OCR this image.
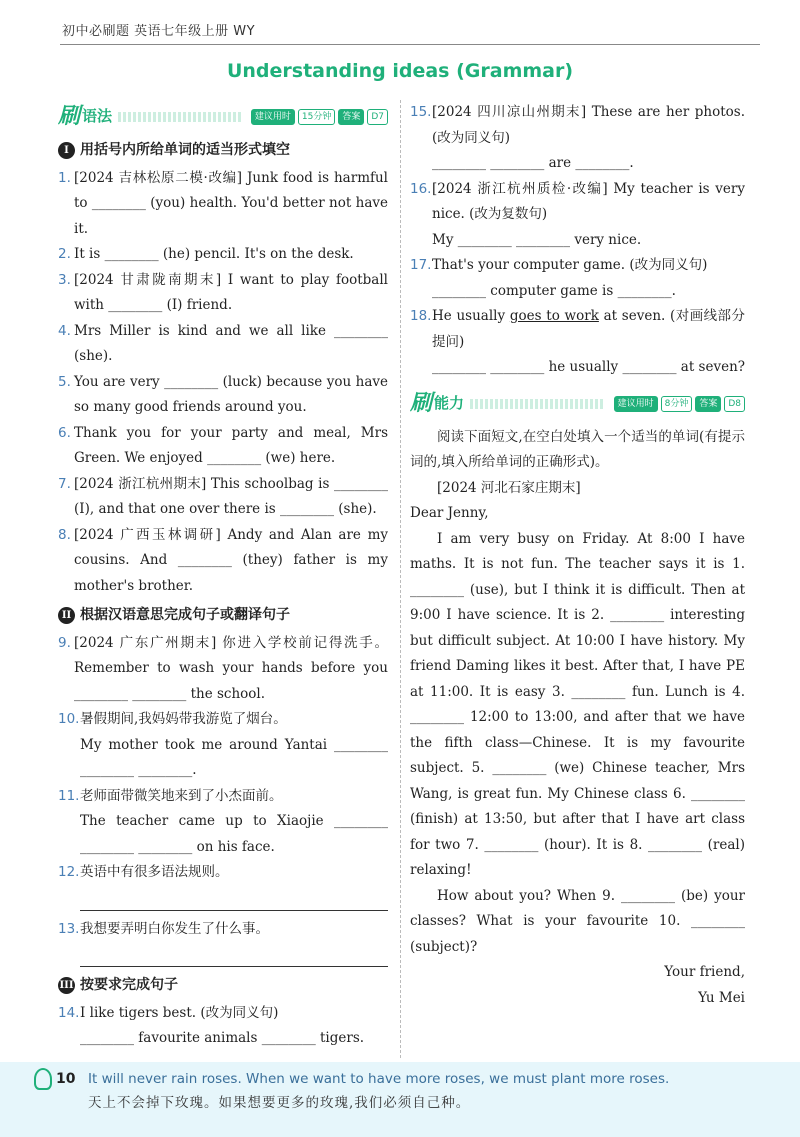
初中必刷题 英语七年级上册 WY
Understanding ideas (Grammar)
刷 语法	建议用时	15分钟	答案	D7
I 用括号内所给单词的适当形式填空
1. [2024 吉林松原二模·改编] Junk food is harmful to ________ (you) health. You'd better not have it.
2. It is ________ (he) pencil. It's on the desk.
3. [2024 甘肃陇南期末] I want to play football with ________ (I) friend.
4. Mrs Miller is kind and we all like ________ (she).
5. You are very ________ (luck) because you have so many good friends around you.
6. Thank you for your party and meal, Mrs Green. We enjoyed ________ (we) here.
7. [2024 浙江杭州期末] This schoolbag is ________ (I), and that one over there is ________ (she).
8. [2024 广西玉林调研] Andy and Alan are my cousins. And ________ (they) father is my mother's brother.
II 根据汉语意思完成句子或翻译句子
9. [2024 广东广州期末] 你进入学校前记得洗手。 Remember to wash your hands before you ________ ________ the school.
10. 暑假期间,我妈妈带我游览了烟台。
My mother took me around Yantai ________ ________ ________.
11. 老师面带微笑地来到了小杰面前。
The teacher came up to Xiaojie ________ ________ ________ on his face.
12. 英语中有很多语法规则。
13. 我想要弄明白你发生了什么事。
III 按要求完成句子
14. I like tigers best. (改为同义句)
________ favourite animals ________ tigers.
15. [2024 四川凉山州期末] These are her photos. (改为同义句)
________ ________ are ________.
16. [2024 浙江杭州质检·改编] My teacher is very nice. (改为复数句)
My ________ ________ very nice.
17. That's your computer game. (改为同义句)
________ computer game is ________.
18. He usually goes to work at seven. (对画线部分提问)
________ ________ he usually ________ at seven?
刷 能力	建议用时	8分钟	答案	D8

阅读下面短文,在空白处填入一个适当的单词(有提示词的,填入所给单词的正确形式)。

[2024 河北石家庄期末]

Dear Jenny,

I am very busy on Friday. At 8:00 I have maths. It is not fun. The teacher says it is 1. ________ (use), but I think it is difficult. Then at 9:00 I have science. It is 2. ________ interesting but difficult subject. At 10:00 I have history. My friend Daming likes it best. After that, I have PE at 11:00. It is easy 3. ________ fun. Lunch is 4. ________ 12:00 to 13:00, and after that we have the fifth class—Chinese. It is my favourite subject. 5. ________ (we) Chinese teacher, Mrs Wang, is great fun. My Chinese class 6. ________ (finish) at 13:50, but after that I have art class for two 7. ________ (hour). It is 8. ________ (real) relaxing!

How about you? When 9. ________ (be) your classes? What is your favourite 10. ________ (subject)?

Your friend,

Yu Mei

10 It will never rain roses. When we want to have more roses, we must plant more roses.
天上不会掉下玫瑰。如果想要更多的玫瑰,我们必须自己种。
